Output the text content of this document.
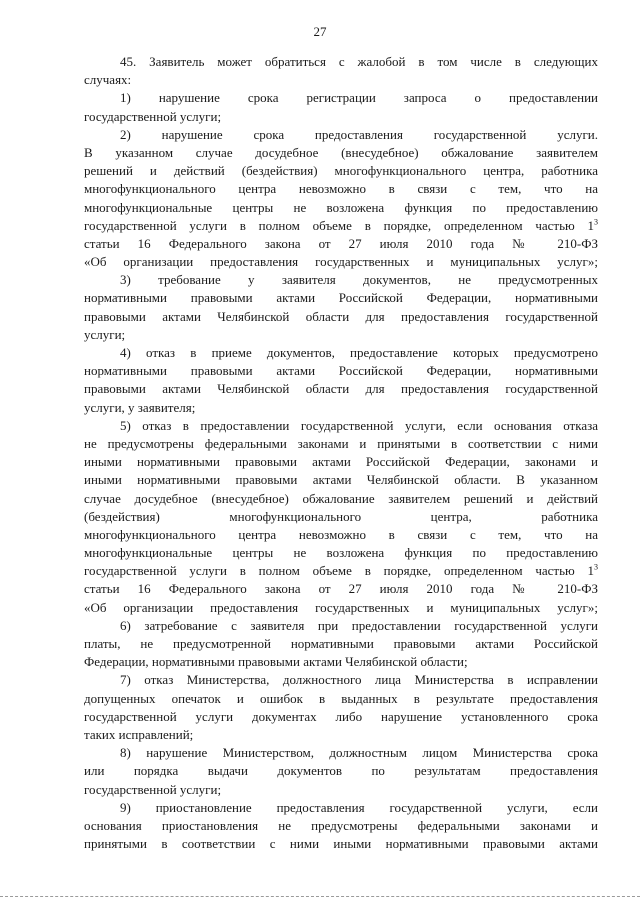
27
45. Заявитель может обратиться с жалобой в том числе в следующих
случаях:
1) нарушение срока регистрации запроса о предоставлении
государственной услуги;
2) нарушение срока предоставления государственной услуги.
В указанном случае досудебное (внесудебное) обжалование заявителем
решений и действий (бездействия) многофункционального центра, работника
многофункционального центра невозможно в связи с тем, что на
многофункциональные центры не возложена функция по предоставлению
государственной услуги в полном объеме в порядке, определенном частью $1^3$
статьи 16 Федерального закона от 27 июля 2010 года № 210-ФЗ
«Об организации предоставления государственных и муниципальных услуг»;
3) требование у заявителя документов, не предусмотренных
нормативными правовыми актами Российской Федерации, нормативными
правовыми актами Челябинской области для предоставления государственной
услуги;
4) отказ в приеме документов, предоставление которых предусмотрено
нормативными правовыми актами Российской Федерации, нормативными
правовыми актами Челябинской области для предоставления государственной
услуги, у заявителя;
5) отказ в предоставлении государственной услуги, если основания отказа
не предусмотрены федеральными законами и принятыми в соответствии с ними
иными нормативными правовыми актами Российской Федерации, законами и
иными нормативными правовыми актами Челябинской области. В указанном
случае досудебное (внесудебное) обжалование заявителем решений и действий
(бездействия) многофункционального центра, работника
многофункционального центра невозможно в связи с тем, что на
многофункциональные центры не возложена функция по предоставлению
государственной услуги в полном объеме в порядке, определенном частью $1^3$
статьи 16 Федерального закона от 27 июля 2010 года № 210-ФЗ
«Об организации предоставления государственных и муниципальных услуг»;
6) затребование с заявителя при предоставлении государственной услуги
платы, не предусмотренной нормативными правовыми актами Российской
Федерации, нормативными правовыми актами Челябинской области;
7) отказ Министерства, должностного лица Министерства в исправлении
допущенных опечаток и ошибок в выданных в результате предоставления
государственной услуги документах либо нарушение установленного срока
таких исправлений;
8) нарушение Министерством, должностным лицом Министерства срока
или порядка выдачи документов по результатам предоставления
государственной услуги;
9) приостановление предоставления государственной услуги, если
основания приостановления не предусмотрены федеральными законами и
принятыми в соответствии с ними иными нормативными правовыми актами
